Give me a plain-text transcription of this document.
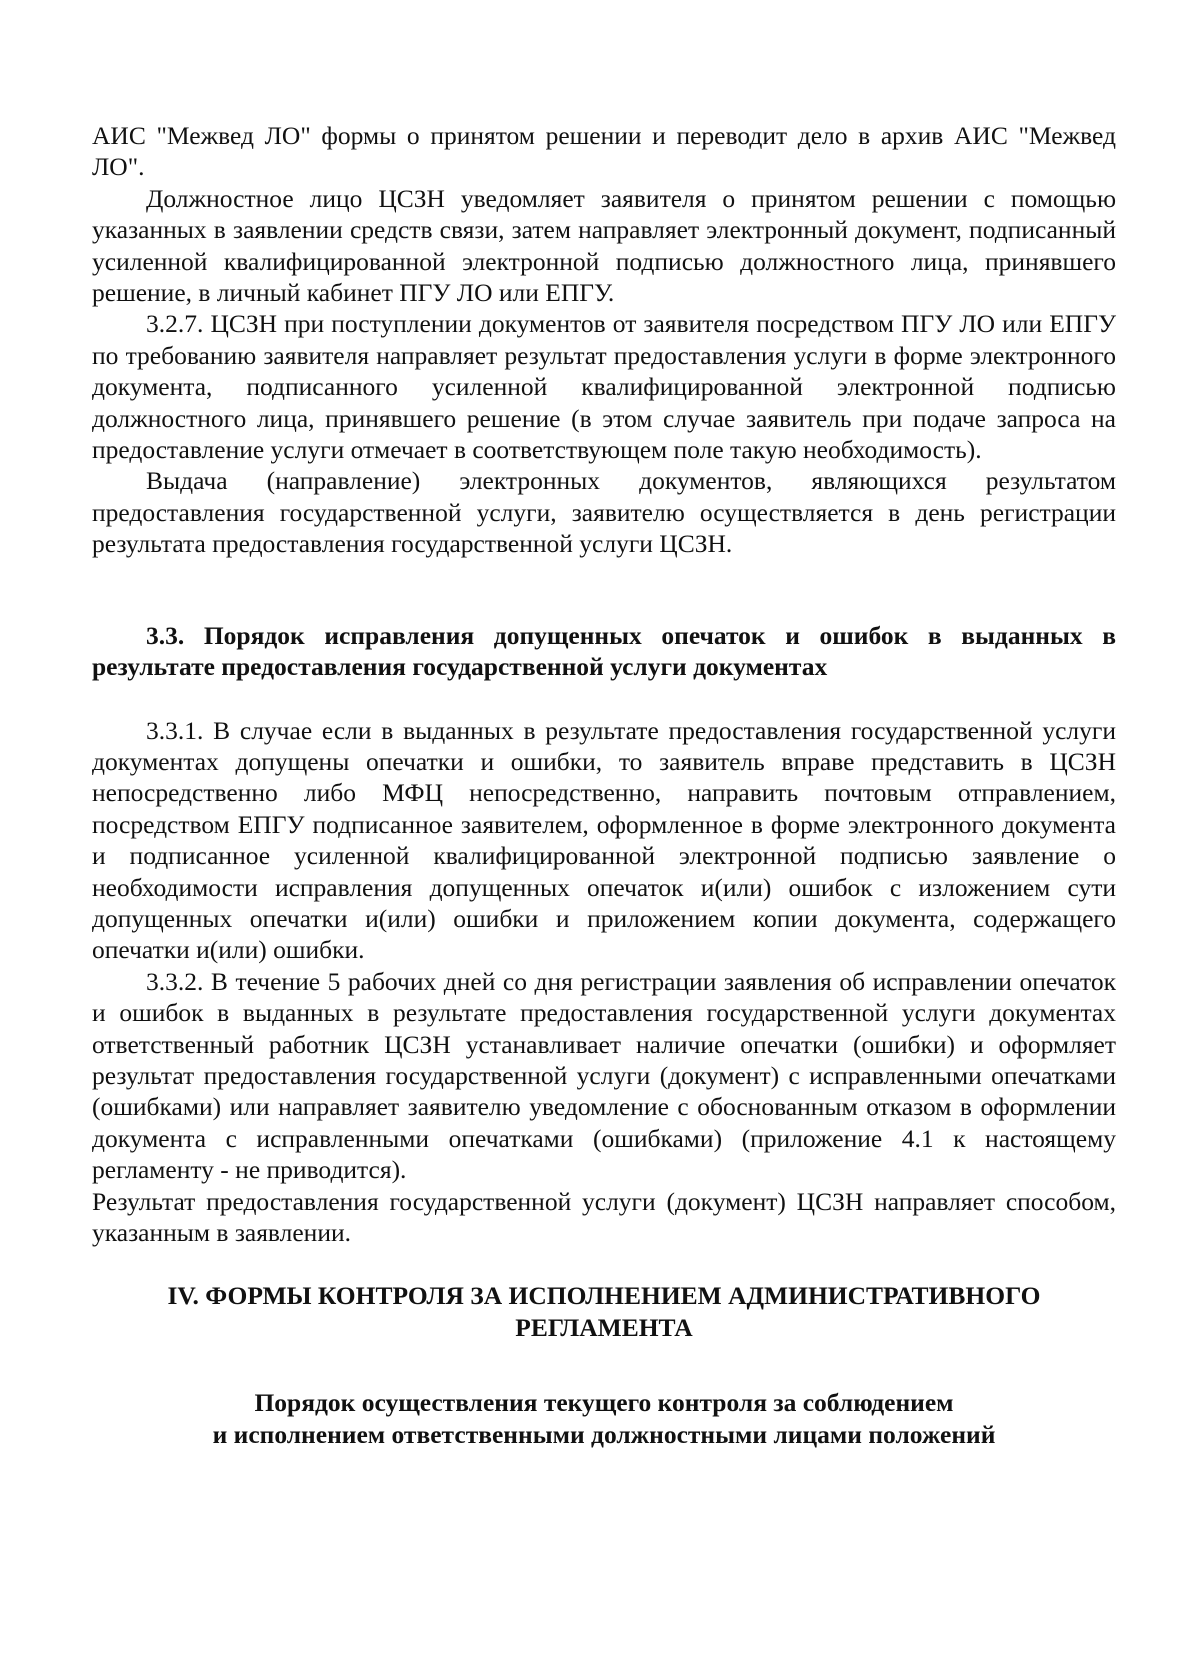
АИС "Межвед ЛО" формы о принятом решении и переводит дело в архив АИС "Межвед ЛО".

Должностное лицо ЦСЗН уведомляет заявителя о принятом решении с помощью указанных в заявлении средств связи, затем направляет электронный документ, подписанный усиленной квалифицированной электронной подписью должностного лица, принявшего решение, в личный кабинет ПГУ ЛО или ЕПГУ.

3.2.7. ЦСЗН при поступлении документов от заявителя посредством ПГУ ЛО или ЕПГУ по требованию заявителя направляет результат предоставления услуги в форме электронного документа, подписанного усиленной квалифицированной электронной подписью должностного лица, принявшего решение (в этом случае заявитель при подаче запроса на предоставление услуги отмечает в соответствующем поле такую необходимость).

Выдача (направление) электронных документов, являющихся результатом предоставления государственной услуги, заявителю осуществляется в день регистрации результата предоставления государственной услуги ЦСЗН.

3.3. Порядок исправления допущенных опечаток и ошибок в выданных в результате предоставления государственной услуги документах

3.3.1. В случае если в выданных в результате предоставления государственной услуги документах допущены опечатки и ошибки, то заявитель вправе представить в ЦСЗН непосредственно либо МФЦ непосредственно, направить почтовым отправлением, посредством ЕПГУ подписанное заявителем, оформленное в форме электронного документа и подписанное усиленной квалифицированной электронной подписью заявление о необходимости исправления допущенных опечаток и(или) ошибок с изложением сути допущенных опечатки и(или) ошибки и приложением копии документа, содержащего опечатки и(или) ошибки.

3.3.2. В течение 5 рабочих дней со дня регистрации заявления об исправлении опечаток и ошибок в выданных в результате предоставления государственной услуги документах ответственный работник ЦСЗН устанавливает наличие опечатки (ошибки) и оформляет результат предоставления государственной услуги (документ) с исправленными опечатками (ошибками) или направляет заявителю уведомление с обоснованным отказом в оформлении документа с исправленными опечатками (ошибками) (приложение 4.1 к настоящему регламенту - не приводится).

Результат предоставления государственной услуги (документ) ЦСЗН направляет способом, указанным в заявлении.

IV. ФОРМЫ КОНТРОЛЯ ЗА ИСПОЛНЕНИЕМ АДМИНИСТРАТИВНОГО
РЕГЛАМЕНТА
Порядок осуществления текущего контроля за соблюдением
и исполнением ответственными должностными лицами положений
